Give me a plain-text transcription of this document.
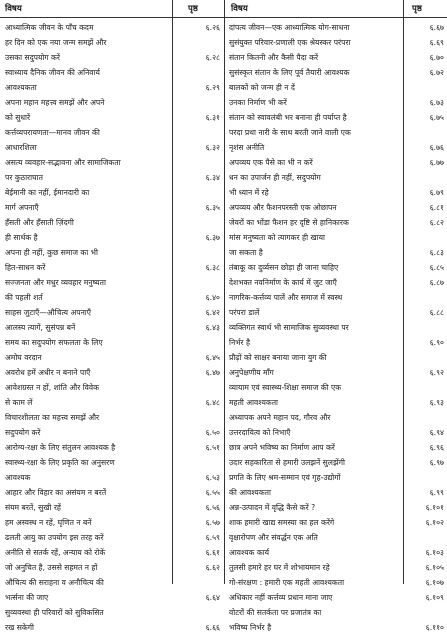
विषय	पृष्ठ
आध्यात्मिक जीवन के पाँच कदम	६.२६
हर दिन को एक नया जन्म समझें और
उसका सदुपयोग करें	६.२८
स्वाध्याय दैनिक जीवन की अनिवार्य
आवश्यकता	६.२९
अपना महान महत्त्व समझें और अपने
को सुधारें	६.३१
कर्त्तव्यपरायणता—मानव जीवन की
आधारशिला	६.३२
असत्य व्यवहार-सद्भावना और सामाजिकता
पर कुठाराघात	६.३४
बेईमानी का नहीं, ईमानदारी का
मार्ग अपनाएँ	६.३५
हँसती और हँसाती ज़िंदगी
ही सार्थक है	६.३७
अपना ही नहीं, कुछ समाज का भी
हित-साधन करें	६.३८
सज्जनता और मधुर व्यवहार मनुष्यता
की पहली शर्त	६.४०
साहस जुटाएँ—औचित्य अपनाएँ	६.४२
आलस्य त्यागें, सुसंपन्न बनें	६.४३
समय का सदुपयोग सफलता के लिए
अमोघ वरदान	६.४५
अवरोध हमें अधीर न बनाने पाएँ	६.४७
आवेशग्रस्त न हों, शांति और विवेक
से काम लें	६.४८
विचारशीलता का महत्त्व समझें और
सदुपयोग करें	६.५०
आरोग्य-रक्षा के लिए संतुलन आवश्यक है	६.५१
स्वास्थ्य-रक्षा के लिए प्रकृति का अनुसरण
आवश्यक	६.५३
आहार और विहार का असंयम न बरतें	६.५५
संयम बरतें, सुखी रहें	६.५६
हम अस्वस्थ न रहें, घृणित न बनें	६.५७
ढलती आयु का उपयोग इस तरह करें	६.५९
अनीति से सतर्क रहें, अन्याय को रोकें	६.६१
जो अनुचित है, उससे सहमत न हों	६.६२
औचित्य की सराहना व अनौचित्य की
भर्त्सना की जाए	६.६४
सुव्यवस्था ही परिवारों को सुविकसित
रख सकेगी	६.६६
विषय	पृष्ठ
दांपत्य जीवन—एक आध्यात्मिक योग-साधना	६.६७
सुसंयुक्त परिवार-प्रणाली एक श्रेयस्कर परंपरा	६.६९
संतान कितनी और कैसी पैदा करें	६.७०
सुसंस्कृत संतान के लिए पूर्व तैयारी आवश्यक	६.७२
बालकों को जन्म ही न दें
उनका निर्माण भी करें	६.७३
संतान को स्वावलंबी भर बनाना ही पर्याप्त है	६.७५
परदा प्रथा नारी के साथ बरती जाने वाली एक
नृशंस अनीति	६.७६
अपव्यय एक पैसे का भी न करें	६.७७
धन का उपार्जन ही नहीं, सदुपयोग
भी ध्यान में रहे	६.७९
अपव्यय और फैशनपरस्ती एक ओछापन	६.८१
जेवरों का भोंडा फैशन हर दृष्टि से हानिकारक	६.८२
मांस मनुष्यता को त्यागकर ही खाया
जा सकता है	६.८३
तंबाकू का दुर्व्यसन छोड़ा ही जाना चाहिए	६.८५
देशभक्त नवनिर्माण के कार्य में जुट जाएँ	६.८७
नागरिक-कर्त्तव्य पालें और समाज में स्वस्थ
परंपरा डालें	६.८८
व्यक्तिगत स्वार्थ भी सामाजिक सुव्यवस्था पर
निर्भर है	६.९०
प्रौढ़ों को साक्षर बनाया जाना युग की
अनुपेक्षणीय माँग	६.९२
व्यायाम एवं स्वास्थ्य-शिक्षा समाज की एक
महती आवश्यकता	६.९३
अध्यापक अपने महान पद, गौरव और
उत्तरदायित्व को निभाएँ	६.९४
छात्र अपने भविष्य का निर्माण आप करें	६.९६
उदार सहकारिता से हमारी उलझनें सुलझेंगी	६.९७
प्रगति के लिए श्रम-सम्मान एवं गृह-उद्योगों
की आवश्यकता	६.९९
अन्न-उत्पादन में वृद्धि कैसे करें ?	६.१०१
शाक हमारी खाद्य समस्या का हल करेंगे	६.१०२
वृक्षारोपण और संवर्द्धन एक अति
आवश्यक कार्य	६.१०३
तुलसी हमारे हर घर में शोभायमान रहे	६.१०५
गो-संरक्षण : हमारी एक महती आवश्यकता	६.१०७
अधिकार नहीं कर्त्तव्य प्रधान माना जाए	६.१०९
वोटरों की सतर्कता पर प्रजातंत्र का
भविष्य निर्भर है	६.११०
